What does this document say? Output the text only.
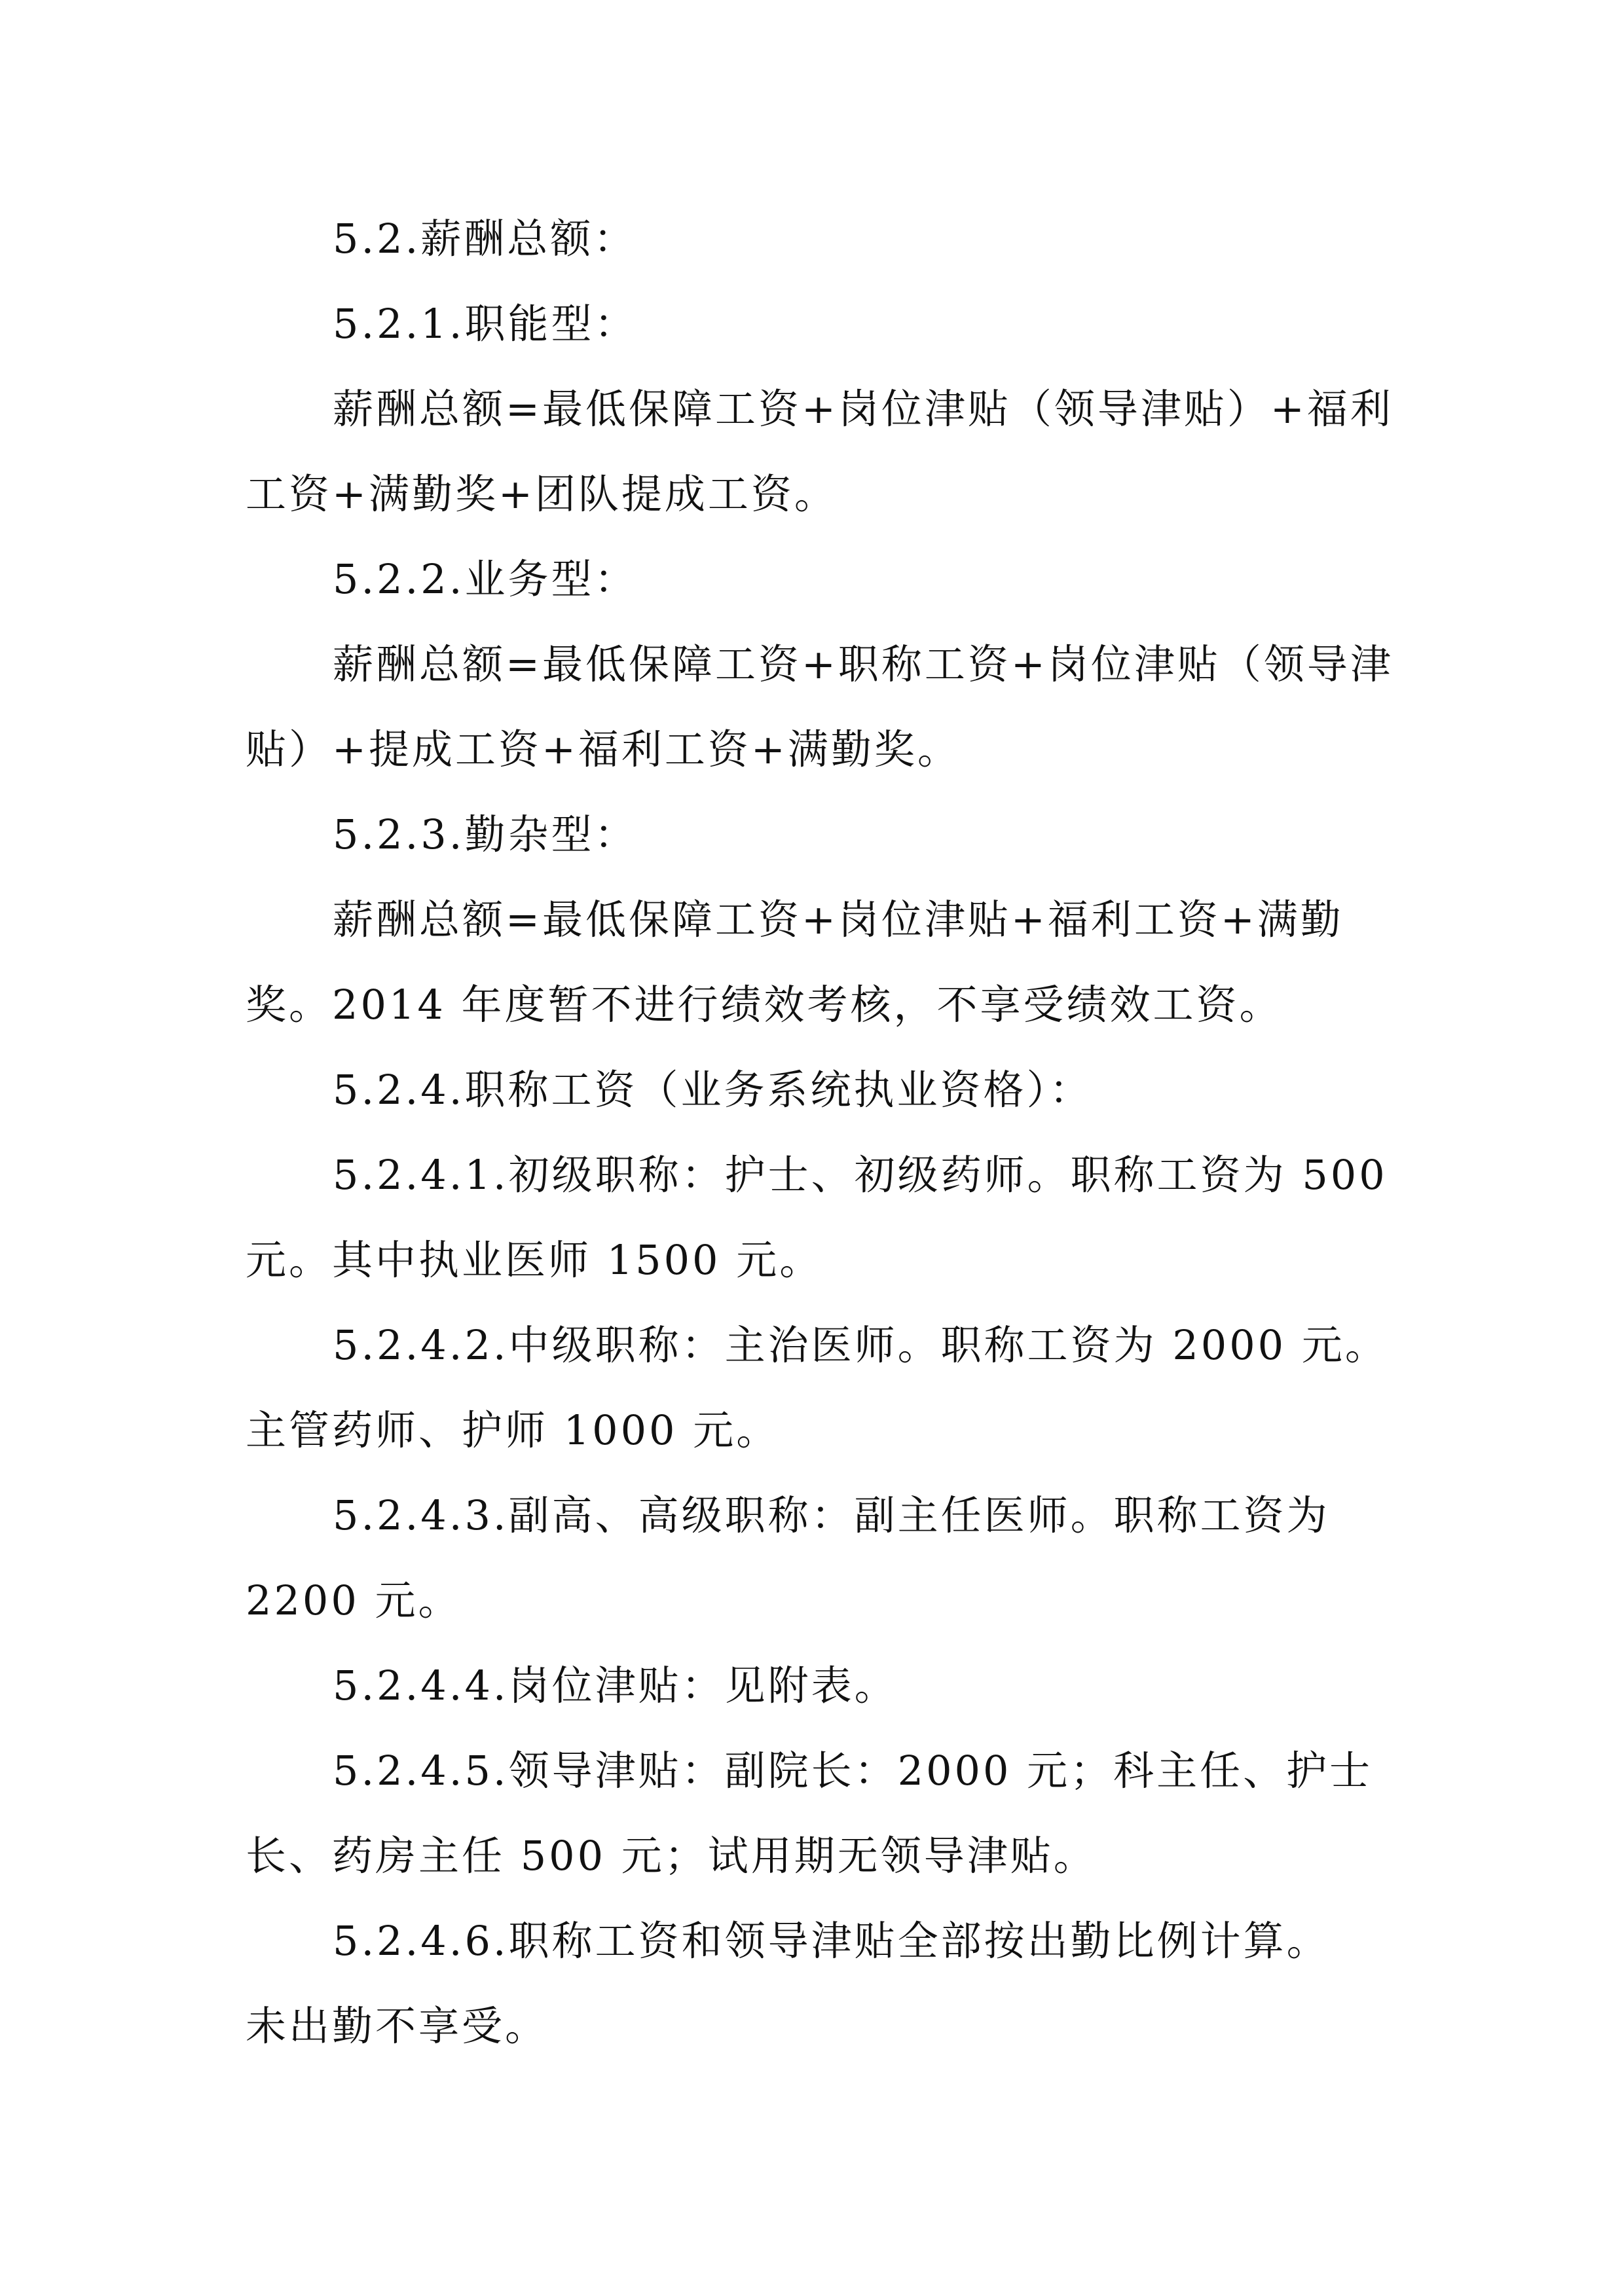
5.2.薪酬总额：
5.2.1.职能型：
薪酬总额=最低保障工资+岗位津贴（领导津贴）+福利
工资+满勤奖+团队提成工资。
5.2.2.业务型：
薪酬总额=最低保障工资+职称工资+岗位津贴（领导津
贴）+提成工资+福利工资+满勤奖。
5.2.3.勤杂型：
薪酬总额=最低保障工资+岗位津贴+福利工资+满勤
奖。2014 年度暂不进行绩效考核，不享受绩效工资。
5.2.4.职称工资（业务系统执业资格）：
5.2.4.1.初级职称：护士、初级药师。职称工资为 500
元。其中执业医师 1500 元。
5.2.4.2.中级职称：主治医师。职称工资为 2000 元。
主管药师、护师 1000 元。
5.2.4.3.副高、高级职称：副主任医师。职称工资为
2200 元。
5.2.4.4.岗位津贴：见附表。
5.2.4.5.领导津贴：副院长：2000 元；科主任、护士
长、药房主任 500 元；试用期无领导津贴。
5.2.4.6.职称工资和领导津贴全部按出勤比例计算。
未出勤不享受。
